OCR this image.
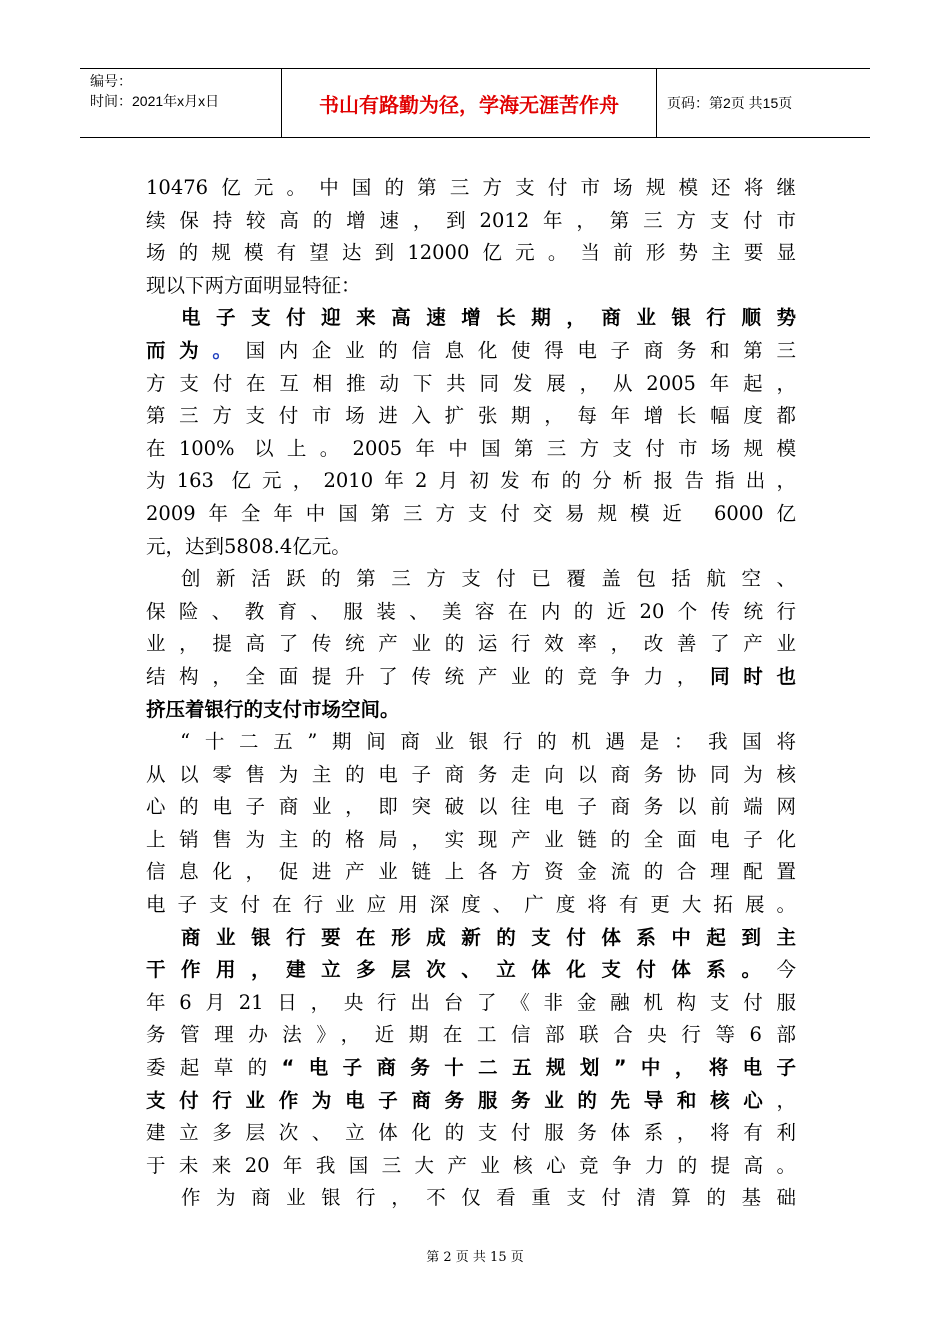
编号：
时间：2021年x月x日	书山有路勤为径，学海无涯苦作舟	页码：第2页 共15页
10476亿元。中国的第三方支付市场规模还将继
续保持较高的增速，到2012年，第三方支付市
场的规模有望达到12000亿元。当前形势主要显
现以下两方面明显特征：
　电子支付迎来高速增长期，商业银行顺势
而为。国内企业的信息化使得电子商务和第三
方支付在互相推动下共同发展，从2005年起，
第三方支付市场进入扩张期，每年增长幅度都
在100% 以上。2005年中国第三方支付市场规模
为163 亿元，2010年2月初发布的分析报告指出，
2009年全年中国第三方支付交易规模近 6000亿
元，达到5808.4亿元。
　创新活跃的第三方支付已覆盖包括航空、
保险、教育、服装、美容在内的近20个传统行
业，提高了传统产业的运行效率，改善了产业
结构，全面提升了传统产业的竞争力，同时也
挤压着银行的支付市场空间。
　“十二五”期间商业银行的机遇是：我国将
从以零售为主的电子商务走向以商务协同为核
心的电子商业，即突破以往电子商务以前端网
上销售为主的格局，实现产业链的全面电子化
信息化，促进产业链上各方资金流的合理配置
电子支付在行业应用深度、广度将有更大拓展。
　商业银行要在形成新的支付体系中起到主
干作用，建立多层次、立体化支付体系。今
年6月21日，央行出台了《非金融机构支付服
务管理办法》，近期在工信部联合央行等6部
委起草的“电子商务十二五规划”中，将电子
支付行业作为电子商务服务业的先导和核心，
建立多层次、立体化的支付服务体系，将有利
于未来20年我国三大产业核心竞争力的提高。
　作为商业银行，不仅看重支付清算的基础
第 2 页 共 15 页
